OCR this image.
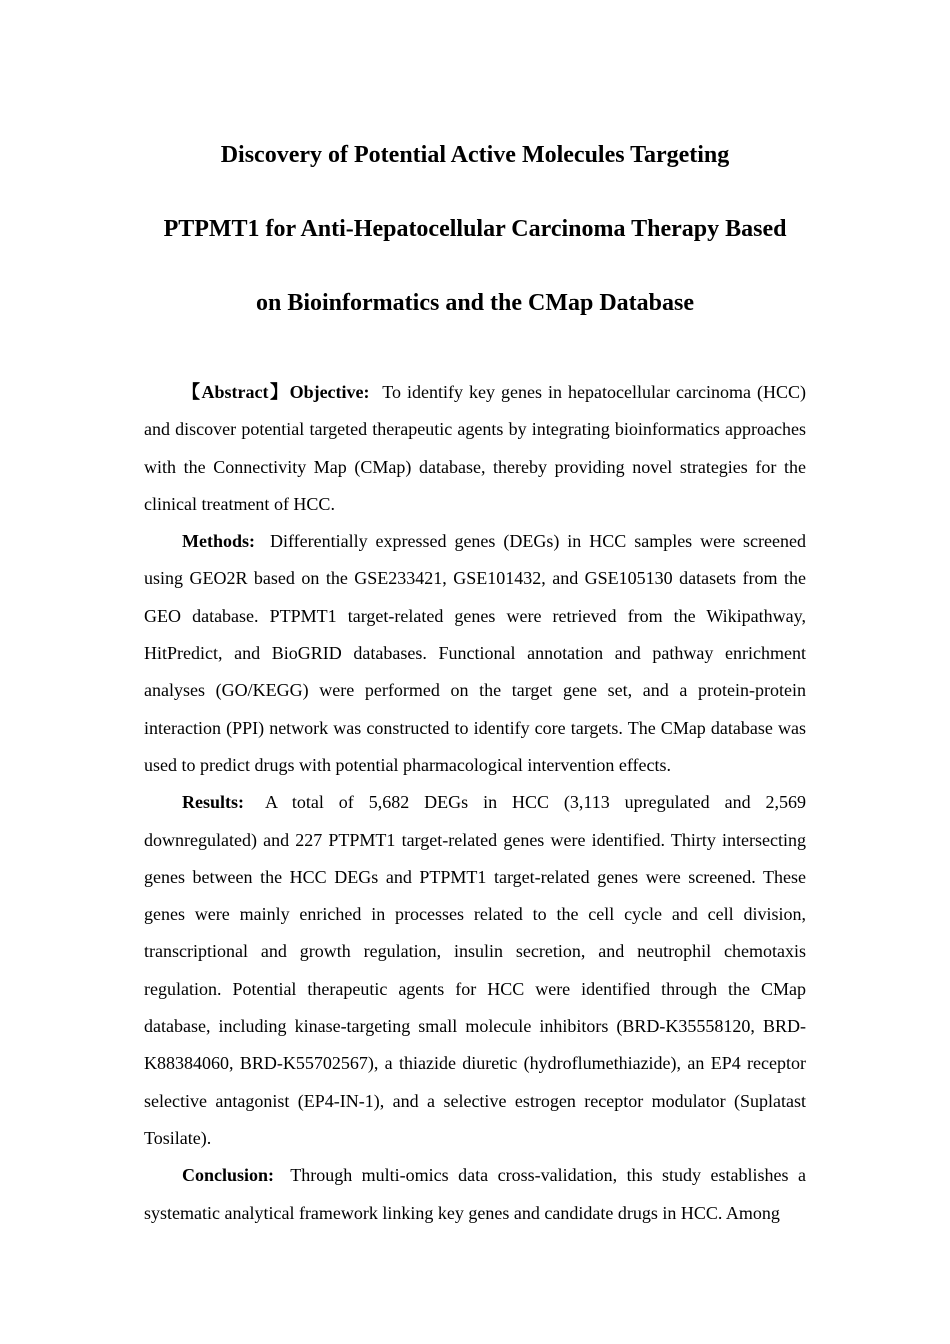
Discovery of Potential Active Molecules Targeting
PTPMT1 for Anti-Hepatocellular Carcinoma Therapy Based
on Bioinformatics and the CMap Database

【Abstract】Objective: To identify key genes in hepatocellular carcinoma (HCC) and discover potential targeted therapeutic agents by integrating bioinformatics approaches with the Connectivity Map (CMap) database, thereby providing novel strategies for the clinical treatment of HCC.

Methods: Differentially expressed genes (DEGs) in HCC samples were screened using GEO2R based on the GSE233421, GSE101432, and GSE105130 datasets from the GEO database. PTPMT1 target-related genes were retrieved from the Wikipathway, HitPredict, and BioGRID databases. Functional annotation and pathway enrichment analyses (GO/KEGG) were performed on the target gene set, and a protein-protein interaction (PPI) network was constructed to identify core targets. The CMap database was used to predict drugs with potential pharmacological intervention effects.

Results: A total of 5,682 DEGs in HCC (3,113 upregulated and 2,569 downregulated) and 227 PTPMT1 target-related genes were identified. Thirty intersecting genes between the HCC DEGs and PTPMT1 target-related genes were screened. These genes were mainly enriched in processes related to the cell cycle and cell division, transcriptional and growth regulation, insulin secretion, and neutrophil chemotaxis regulation. Potential therapeutic agents for HCC were identified through the CMap database, including kinase-targeting small molecule inhibitors (BRD-K35558120, BRD-K88384060, BRD-K55702567), a thiazide diuretic (hydroflumethiazide), an EP4 receptor selective antagonist (EP4-IN-1), and a selective estrogen receptor modulator (Suplatast Tosilate).

Conclusion: Through multi-omics data cross-validation, this study establishes a systematic analytical framework linking key genes and candidate drugs in HCC. Among
